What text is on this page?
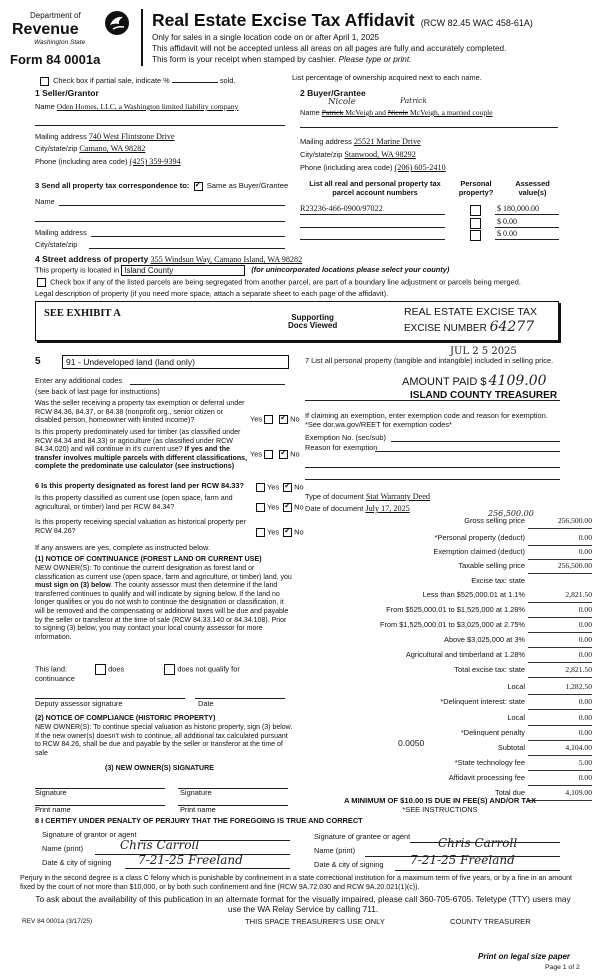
Department of
Revenue
Washington State
Form 84 0001a
Real Estate Excise Tax Affidavit (RCW 82.45 WAC 458-61A)
Only for sales in a single location code on or after April 1, 2025
This affidavit will not be accepted unless all areas on all pages are fully and accurately completed.
This form is your receipt when stamped by cashier. Please type or print.
Check box if partial sale, indicate %	sold.	List percentage of ownership acquired next to each name.
1 Seller/Grantor
Name Oden Homes, LLC, a Washington limited liability company
Mailing address 740 West Flintstone Drive
City/state/zip Camano, WA 98282
Phone (including area code) (425) 359-9394
2 Buyer/Grantee
Nicole	Patrick
Name Patrick McVeigh and Nicole McVeigh, a married couple
Mailing address 25521 Marine Drive
City/state/zip Stanwood, WA 98292
Phone (including area code) (206) 605-2410
3 Send all property tax correspondence to: ✓ Same as Buyer/Grantee
Name
Mailing address
City/state/zip
List all real and personal property tax parcel account numbers
Personal property?
Assessed value(s)
R23236-466-0900/97022	$ 180,000.00
$ 0.00
$ 0.00
4 Street address of property 355 Windsun Way, Camano Island, WA 98282
This property is located in Island County	(for unincorporated locations please select your county)
Check box if any of the listed parcels are being segregated from another parcel, are part of a boundary line adjustment or parcels being merged.
Legal description of property (if you need more space, attach a separate sheet to each page of the affidavit).
SEE EXHIBIT A	Supporting
Docs Viewed
REAL ESTATE EXCISE TAX
EXCISE NUMBER 64277
5	91 - Undeveloped land (land only)
Enter any additional codes
(see back of last page for instructions)
Was the seller receiving a property tax exemption or deferral under RCW 84.36, 84.37, or 84.38 (nonprofit org., senior citizen or disabled person, homeowner with limited income)?	Yes ✓	No
Is this property predominately used for timber (as classified under RCW 84.34 and 84.33) or agriculture (as classified under RCW 84.34.020) and will continue in it's current use? If yes and the transfer involves multiple parcels with different classifications, complete the predominate use calculator (see instructions)
Yes ✓	No
6 Is this property designated as forest land per RCW 84.33?	Yes ✓ No
Is this property classified as current use (open space, farm and agricultural, or timber) land per RCW 84.34?	Yes ✓ No
Is this property receiving special valuation as historical property per RCW 84.26?	Yes ✓ No
If any answers are yes, complete as instructed below.
(1) NOTICE OF CONTINUANCE (FOREST LAND OR CURRENT USE)
NEW OWNER(S): To continue the current designation as forest land or classification as current use (open space, farm and agriculture, or timber) land, you must sign on (3) below. The county assessor must then determine if the land transferred continues to qualify and will indicate by signing below. If the land no longer qualifies or you do not wish to continue the designation or classification, it will be removed and the compensating or additional taxes will be due and payable by the seller or transferor at the time of sale (RCW 84.33.140 or 84.34.108). Prior to signing (3) below, you may contact your local county assessor for more information.
This land:	does	does not qualify for
continuance
Deputy assessor signature	Date
(2) NOTICE OF COMPLIANCE (HISTORIC PROPERTY)
NEW OWNER(S): To continue special valuation as historic property, sign (3) below. If the new owner(s) doesn't wish to continue, all additional tax calculated pursuant to RCW 84.26, shall be due and payable by the seller or transferor at the time of sale
(3) NEW OWNER(S) SIGNATURE
Signature	Signature
Print name	Print name
JUL 2 5 2025
7 List all personal property (tangible and intangible) included in selling price.
AMOUNT PAID $ 4109.00
ISLAND COUNTY TREASURER
If claiming an exemption, enter exemption code and reason for exemption. *See dor.wa.gov/REET for exemption codes*
Exemption No. (sec/sub)
Reason for exemption
Type of document Stat Warranty Deed
Date of document July 17, 2025
Gross selling price	256,500.00
*Personal property (deduct)	0.00
Exemption claimed (deduct)	0.00
Taxable selling price	256,500.00
Excise tax: state
Less than $525,000.01 at 1.1%	2,821.50
From $525,000.01 to $1,525,000 at 1.28%	0.00
From $1,525,000.01 to $3,025,000 at 2.75%	0.00
Above $3,025,000 at 3%	0.00
Agricultural and timberland at 1.28%	0.00
Total excise tax: state	2,821.50
Local	1,282.50
*Delinquent interest: state	0.00
Local	0.00
*Delinquent penalty	0.00
Subtotal	4,104.00
*State technology fee	5.00
Affidavit processing fee	0.00
Total due	4,109.00
256,500.00
0.0050
A MINIMUM OF $10.00 IS DUE IN FEE(S) AND/OR TAX
*SEE INSTRUCTIONS
8 I CERTIFY UNDER PENALTY OF PERJURY THAT THE FOREGOING IS TRUE AND CORRECT
Signature of grantor or agent
Name (print)	Chris Carroll
Date & city of signing 7-21-25 Freeland
Signature of grantee or agent
Name (print)
Chris Carroll
Date & city of signing 7-21-25 Freeland
Perjury in the second degree is a class C felony which is punishable by confinement in a state correctional institution for a maximum term of five years, or by a fine in an amount fixed by the court of not more than $10,000, or by both such confinement and fine (RCW 9A.72.030 and RCW 9A.20.021(1)(c)).
To ask about the availability of this publication in an alternate format for the visually impaired, please call 360-705-6705. Teletype (TTY) users may use the WA Relay Service by calling 711.
REV 84 0001a (3/17/25)	THIS SPACE TREASURER'S USE ONLY	COUNTY TREASURER
Print on legal size paper
Page 1 of 2
